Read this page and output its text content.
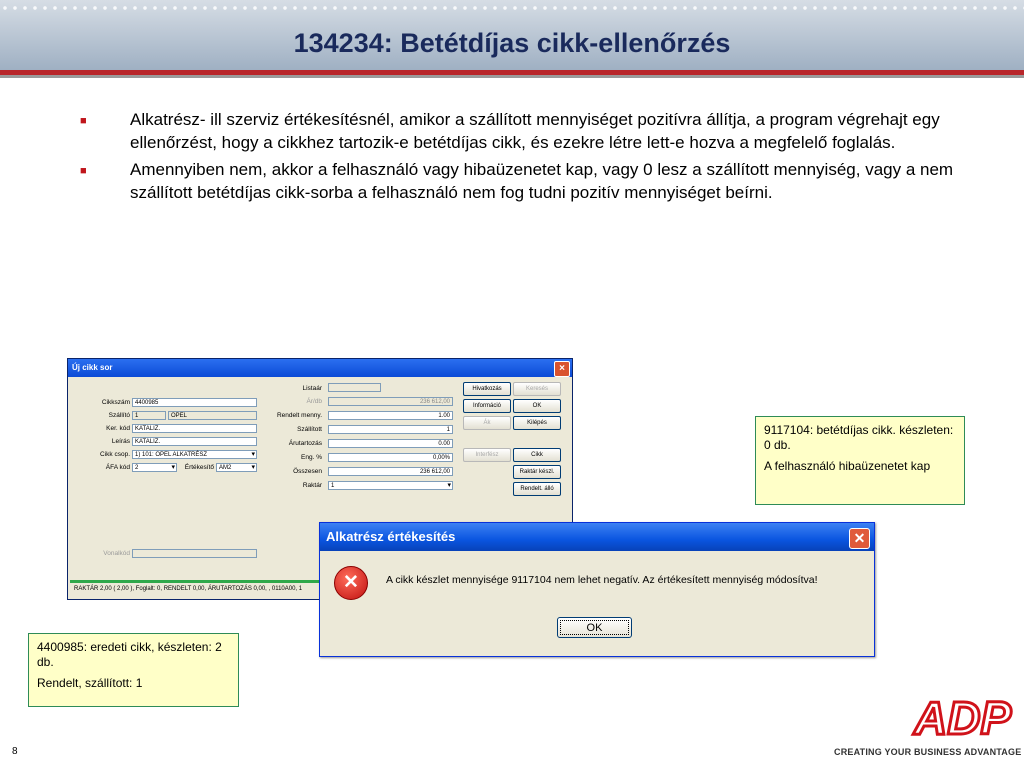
134234: Betétdíjas cikk-ellenőrzés
■	Alkatrész- ill szerviz értékesítésnél, amikor a szállított mennyiséget pozitívra állítja, a program végrehajt egy ellenőrzést, hogy a cikkhez tartozik-e betétdíjas cikk, és ezekre létre lett-e hozva a megfelelő foglalás.
■	Amennyiben nem, akkor a felhasználó vagy hibaüzenetet kap, vagy 0 lesz a szállított mennyiség, vagy a nem szállított betétdíjas cikk-sorba a felhasználó nem fog tudni pozitív mennyiséget beírni.
Új cikk sor	×
Cikkszám 4400985
Szállító 1	OPEL
Ker. kód KATALIZ.
Leírás KATALIZ.
Cikk csop. 1) 101: OPEL ALKATRÉSZ ▾
ÁFA kód 2 ▾	Értékesítő AM2 ▾
Vonalkód
Listaár
Ár/db	236 612,00
Rendelt menny.	1.00
Szállított	1
Árutartozás	0.00
Eng. %	0,00%
Összesen	236 612,00
Raktár	1 ▾
Hivatkozás	Keresés
Információ	OK
Ák	Kilépés
Interfész	Cikk
Raktár készl.
Rendelt. álló
RAKTÁR 2,00 ( 2,00 ), Foglalt: 0, RENDELT 0,00, ÁRUTARTOZÁS 0,00, , 0110A00, 1
Alkatrész értékesítés	✕
✕	A cikk készlet mennyisége 9117104 nem lehet negatív. Az értékesített mennyiség módosítva!
OK

9117104: betétdíjas cikk. készleten: 0 db.

A felhasználó hibaüzenetet kap

4400985: eredeti cikk, készleten: 2 db.

Rendelt, szállított: 1

8
ADP
CREATING YOUR BUSINESS ADVANTAGE
